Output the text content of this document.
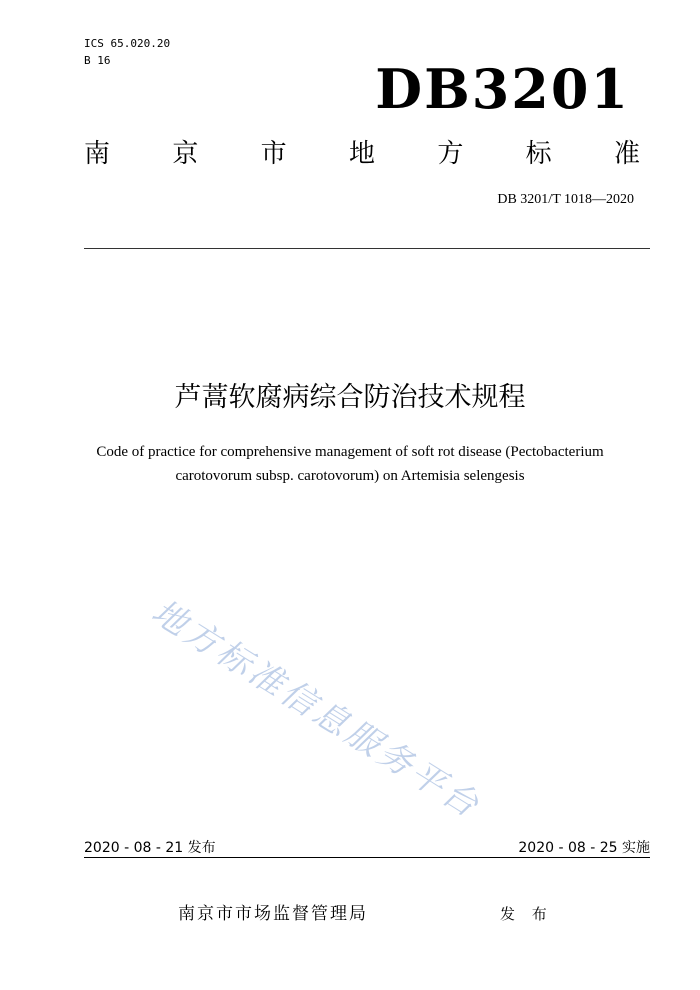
ICS 65.020.20
B 16	DB3201
南 京 市 地 方 标 准
DB 3201/T 1018—2020
芦蒿软腐病综合防治技术规程
Code of practice for comprehensive management of soft rot disease (Pectobacterium
carotovorum subsp. carotovorum) on Artemisia selengesis
地方标准信息服务平台
2020 - 08 - 21 发布	2020 - 08 - 25 实施
南京市市场监督管理局	发 布
